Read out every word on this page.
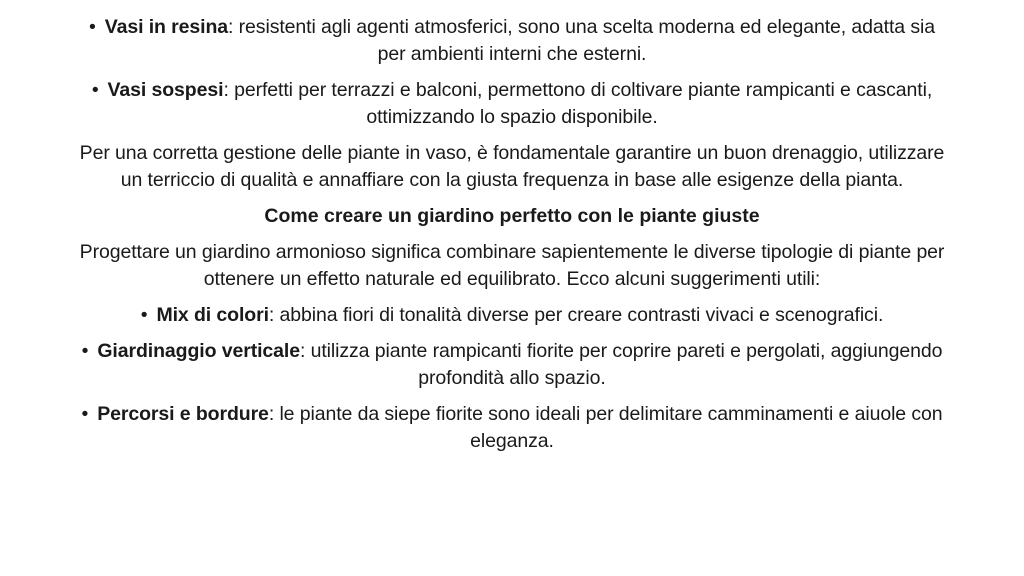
• Vasi in resina: resistenti agli agenti atmosferici, sono una scelta moderna ed elegante, adatta sia per ambienti interni che esterni.

• Vasi sospesi: perfetti per terrazzi e balconi, permettono di coltivare piante rampicanti e cascanti, ottimizzando lo spazio disponibile.

Per una corretta gestione delle piante in vaso, è fondamentale garantire un buon drenaggio, utilizzare un terriccio di qualità e annaffiare con la giusta frequenza in base alle esigenze della pianta.

Come creare un giardino perfetto con le piante giuste

Progettare un giardino armonioso significa combinare sapientemente le diverse tipologie di piante per ottenere un effetto naturale ed equilibrato. Ecco alcuni suggerimenti utili:

• Mix di colori: abbina fiori di tonalità diverse per creare contrasti vivaci e scenografici.

• Giardinaggio verticale: utilizza piante rampicanti fiorite per coprire pareti e pergolati, aggiungendo profondità allo spazio.

• Percorsi e bordure: le piante da siepe fiorite sono ideali per delimitare camminamenti e aiuole con eleganza.
